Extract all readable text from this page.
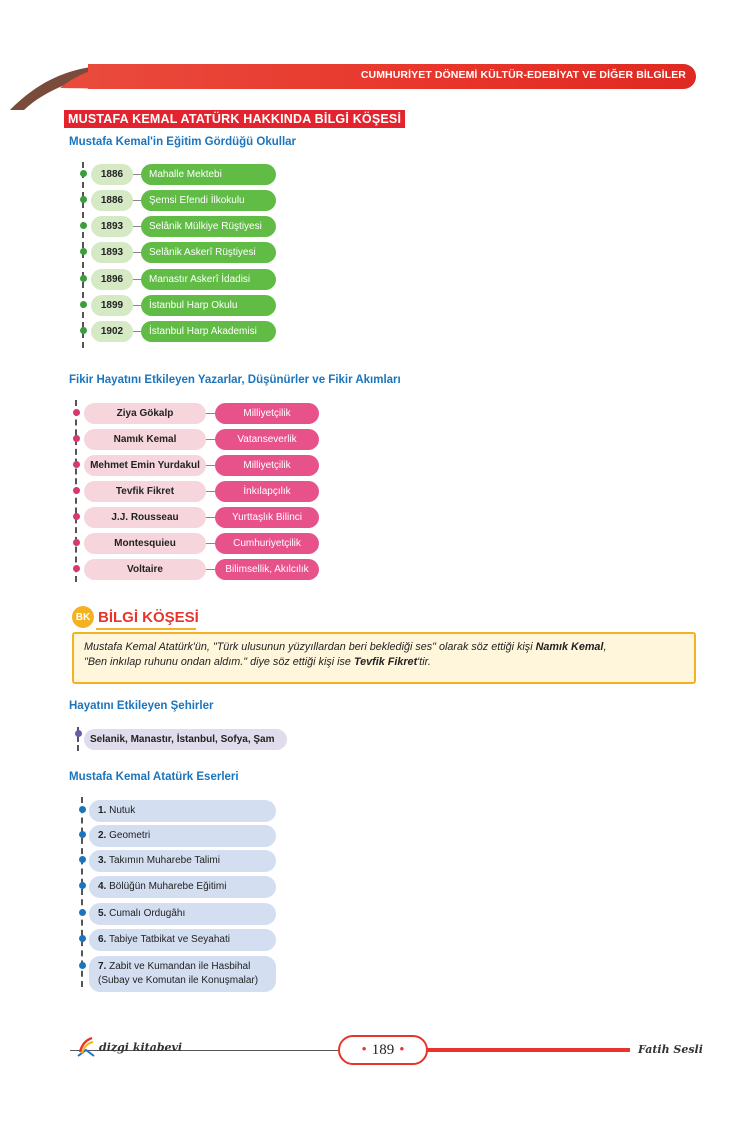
CUMHURİYET DÖNEMİ KÜLTÜR-EDEBİYAT VE DİĞER BİLGİLER
MUSTAFA KEMAL ATATÜRK HAKKINDA BİLGİ KÖŞESİ
Mustafa Kemal'in Eğitim Gördüğü Okullar
1886	Mahalle Mektebi
1886	Şemsi Efendi İlkokulu
1893	Selânik Mülkiye Rüştiyesi
1893	Selânik Askerî Rüştiyesi
1896	Manastır Askerî İdadisi
1899	İstanbul Harp Okulu
1902	İstanbul Harp Akademisi
Fikir Hayatını Etkileyen Yazarlar, Düşünürler ve Fikir Akımları
Ziya Gökalp	Milliyetçilik
Namık Kemal	Vatanseverlik
Mehmet Emin Yurdakul	Milliyetçilik
Tevfik Fikret	İnkılapçılık
J.J. Rousseau	Yurttaşlık Bilinci
Montesquieu	Cumhuriyetçilik
Voltaire	Bilimsellik, Akılcılık
BK BİLGİ KÖŞESİ
Mustafa Kemal Atatürk'ün, "Türk ulusunun yüzyıllardan beri beklediği ses" olarak söz ettiği kişi Namık Kemal,
"Ben inkılap ruhunu ondan aldım." diye söz ettiği kişi ise Tevfik Fikret'tir.
Hayatını Etkileyen Şehirler
Selanik, Manastır, İstanbul, Sofya, Şam
Mustafa Kemal Atatürk Eserleri
1. Nutuk
2. Geometri
3. Takımın Muharebe Talimi
4. Bölüğün Muharebe Eğitimi
5. Cumalı Ordugâhı
6. Tabiye Tatbikat ve Seyahati
7. Zabit ve Kumandan ile Hasbihal
(Subay ve Komutan ile Konuşmalar)
dizgi kitabevi	• 189 •	Fatih Sesli
